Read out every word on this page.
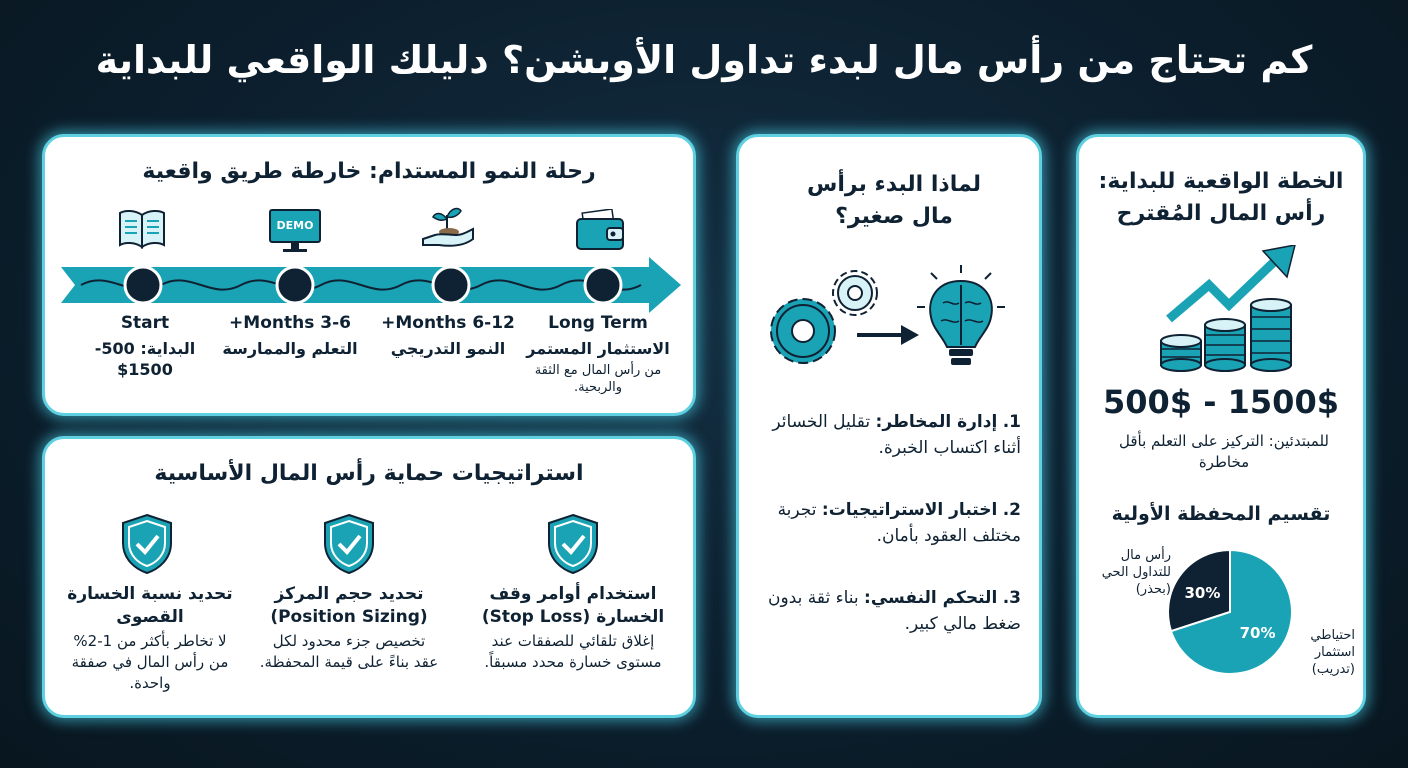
كم تحتاج من رأس مال لبدء تداول الأوبشن؟ دليلك الواقعي للبداية
رحلة النمو المستدام: خارطة طريق واقعية
DEMO
Start
البداية: 500-
$1500
3-6 Months+
التعلم والممارسة
6-12 Months+
النمو التدريجي
Long Term
الاستثمار المستمر
من رأس المال مع الثقة والربحية.
استراتيجيات حماية رأس المال الأساسية
تحديد نسبة الخسارة القصوى
لا تخاطر بأكثر من 1-2% من رأس المال في صفقة واحدة.
تحديد حجم المركز (Position Sizing)
تخصيص جزء محدود لكل عقد بناءً على قيمة المحفظة.
استخدام أوامر وقف الخسارة (Stop Loss)
إغلاق تلقائي للصفقات عند مستوى خسارة محدد مسبقاً.
لماذا البدء برأس مال صغير؟
1. إدارة المخاطر: تقليل الخسائر أثناء اكتساب الخبرة.
2. اختبار الاستراتيجيات: تجربة مختلف العقود بأمان.
3. التحكم النفسي: بناء ثقة بدون ضغط مالي كبير.
الخطة الواقعية للبداية:
رأس المال المُقترح
500$ - 1500$
للمبتدئين: التركيز على التعلم بأقل مخاطرة
تقسيم المحفظة الأولية
30%
70%
رأس مال للتداول الحي (بحذر)
احتياطي استثمار (تدريب)
